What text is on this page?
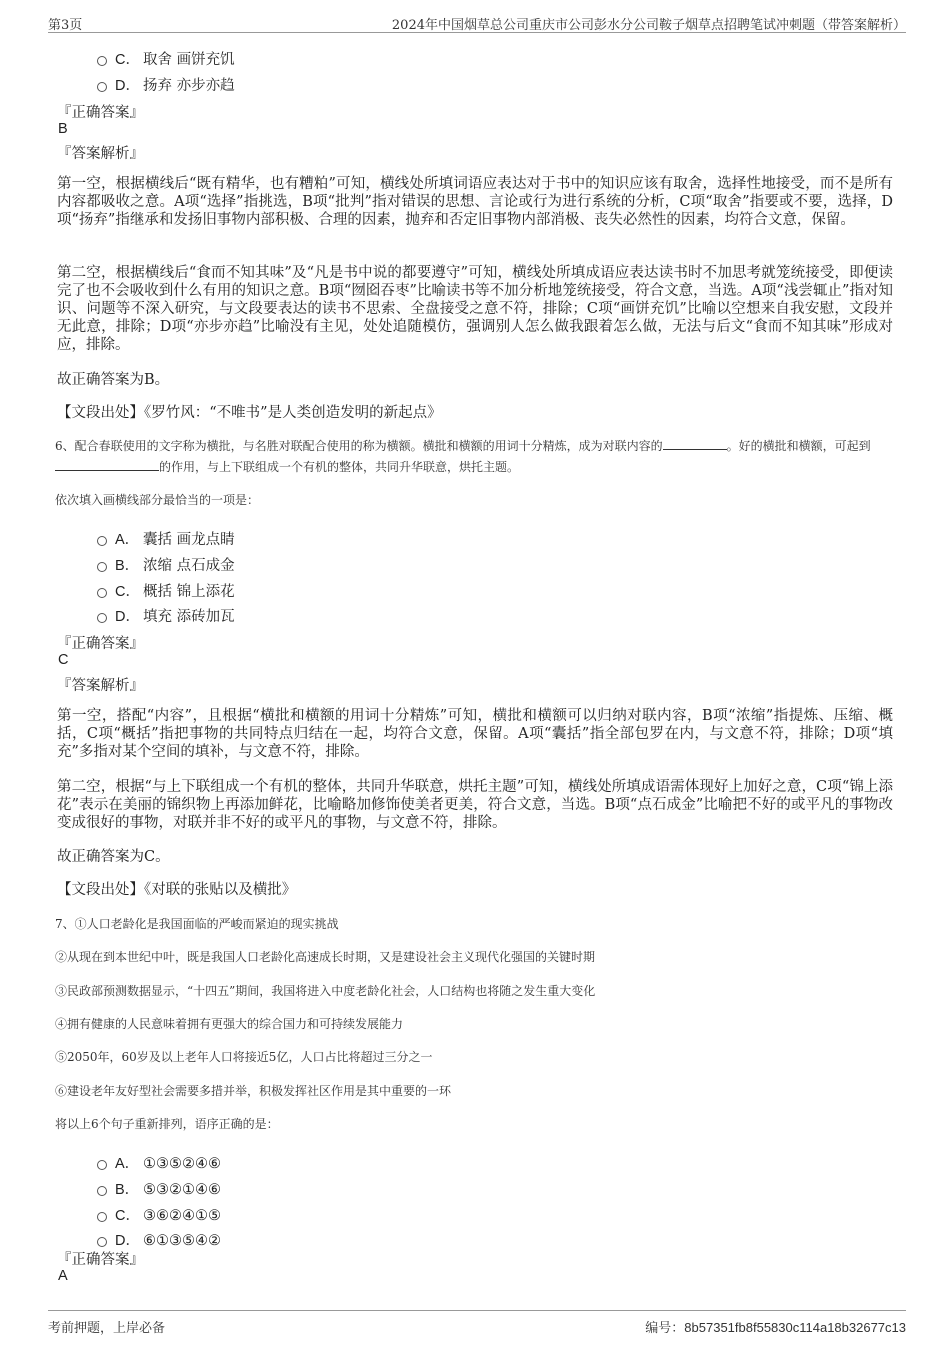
第3页	2024年中国烟草总公司重庆市公司彭水分公司鞍子烟草点招聘笔试冲刺题（带答案解析）
C． 取舍 画饼充饥
D． 扬弃 亦步亦趋
『正确答案』
B
『答案解析』
第一空，根据横线后“既有精华，也有糟粕”可知，横线处所填词语应表达对于书中的知识应该有取舍，选择性地接受，而不是所有内容都吸收之意。A项“选择”指挑选，B项“批判”指对错误的思想、言论或行为进行系统的分析，C项“取舍”指要或不要，选择，D项“扬弃”指继承和发扬旧事物内部积极、合理的因素，抛弃和否定旧事物内部消极、丧失必然性的因素，均符合文意，保留。
第二空，根据横线后“食而不知其味”及“凡是书中说的都要遵守”可知，横线处所填成语应表达读书时不加思考就笼统接受，即便读完了也不会吸收到什么有用的知识之意。B项“囫囵吞枣”比喻读书等不加分析地笼统接受，符合文意，当选。A项“浅尝辄止”指对知识、问题等不深入研究，与文段要表达的读书不思索、全盘接受之意不符，排除；C项“画饼充饥”比喻以空想来自我安慰，文段并无此意，排除；D项“亦步亦趋”比喻没有主见，处处追随模仿，强调别人怎么做我跟着怎么做，无法与后文“食而不知其味”形成对应，排除。
故正确答案为B。
【文段出处】《罗竹风：“不唯书”是人类创造发明的新起点》
6、配合春联使用的文字称为横批，与名胜对联配合使用的称为横额。横批和横额的用词十分精炼，成为对联内容的	。好的横批和横额，可起到的作用，与上下联组成一个有机的整体，共同升华联意，烘托主题。
依次填入画横线部分最恰当的一项是：
A． 囊括 画龙点睛
B． 浓缩 点石成金
C． 概括 锦上添花
D． 填充 添砖加瓦
『正确答案』
C
『答案解析』
第一空，搭配“内容”，且根据“横批和横额的用词十分精炼”可知，横批和横额可以归纳对联内容，B项“浓缩”指提炼、压缩、概括，C项“概括”指把事物的共同特点归结在一起，均符合文意，保留。A项“囊括”指全部包罗在内，与文意不符，排除；D项“填充”多指对某个空间的填补，与文意不符，排除。
第二空，根据“与上下联组成一个有机的整体，共同升华联意，烘托主题”可知，横线处所填成语需体现好上加好之意，C项“锦上添花”表示在美丽的锦织物上再添加鲜花，比喻略加修饰使美者更美，符合文意，当选。B项“点石成金”比喻把不好的或平凡的事物改变成很好的事物，对联并非不好的或平凡的事物，与文意不符，排除。
故正确答案为C。
【文段出处】《对联的张贴以及横批》
7、①人口老龄化是我国面临的严峻而紧迫的现实挑战
②从现在到本世纪中叶，既是我国人口老龄化高速成长时期，又是建设社会主义现代化强国的关键时期
③民政部预测数据显示，“十四五”期间，我国将进入中度老龄化社会，人口结构也将随之发生重大变化
④拥有健康的人民意味着拥有更强大的综合国力和可持续发展能力
⑤2050年，60岁及以上老年人口将接近5亿，人口占比将超过三分之一
⑥建设老年友好型社会需要多措并举，积极发挥社区作用是其中重要的一环
将以上6个句子重新排列，语序正确的是：
A． ①③⑤②④⑥
B． ⑤③②①④⑥
C． ③⑥②④①⑤
D． ⑥①③⑤④②
『正确答案』
A
考前押题，上岸必备	编号：8b57351fb8f55830c114a18b32677c13
